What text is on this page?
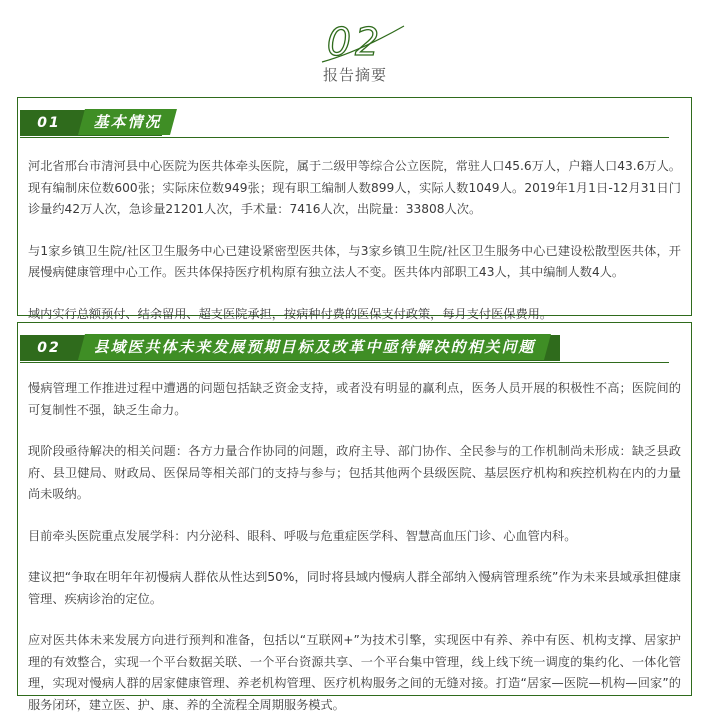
02
报告摘要
01	基本情况

河北省邢台市清河县中心医院为医共体牵头医院，属于二级甲等综合公立医院，常驻人口45.6万人，户籍人口43.6万人。现有编制床位数600张；实际床位数949张；现有职工编制人数899人，实际人数1049人。2019年1月1日-12月31日门诊量约42万人次，急诊量21201人次，手术量：7416人次，出院量：33808人次。

与1家乡镇卫生院/社区卫生服务中心已建设紧密型医共体，与3家乡镇卫生院/社区卫生服务中心已建设松散型医共体，开展慢病健康管理中心工作。医共体保持医疗机构原有独立法人不变。医共体内部职工43人，其中编制人数4人。

域内实行总额预付、结余留用、超支医院承担，按病种付费的医保支付政策，每月支付医保费用。

02	县域医共体未来发展预期目标及改革中亟待解决的相关问题

慢病管理工作推进过程中遭遇的问题包括缺乏资金支持，或者没有明显的赢利点，医务人员开展的积极性不高；医院间的可复制性不强，缺乏生命力。

现阶段亟待解决的相关问题：各方力量合作协同的问题，政府主导、部门协作、全民参与的工作机制尚未形成：缺乏县政府、县卫健局、财政局、医保局等相关部门的支持与参与；包括其他两个县级医院、基层医疗机构和疾控机构在内的力量尚未吸纳。

目前牵头医院重点发展学科：内分泌科、眼科、呼吸与危重症医学科、智慧高血压门诊、心血管内科。

建议把“争取在明年年初慢病人群依从性达到50%，同时将县域内慢病人群全部纳入慢病管理系统”作为未来县域承担健康管理、疾病诊治的定位。

应对医共体未来发展方向进行预判和准备，包括以“互联网+”为技术引擎，实现医中有养、养中有医、机构支撑、居家护理的有效整合，实现一个平台数据关联、一个平台资源共享、一个平台集中管理，线上线下统一调度的集约化、一体化管理，实现对慢病人群的居家健康管理、养老机构管理、医疗机构服务之间的无缝对接。打造“居家—医院—机构—回家”的服务闭环，建立医、护、康、养的全流程全周期服务模式。
